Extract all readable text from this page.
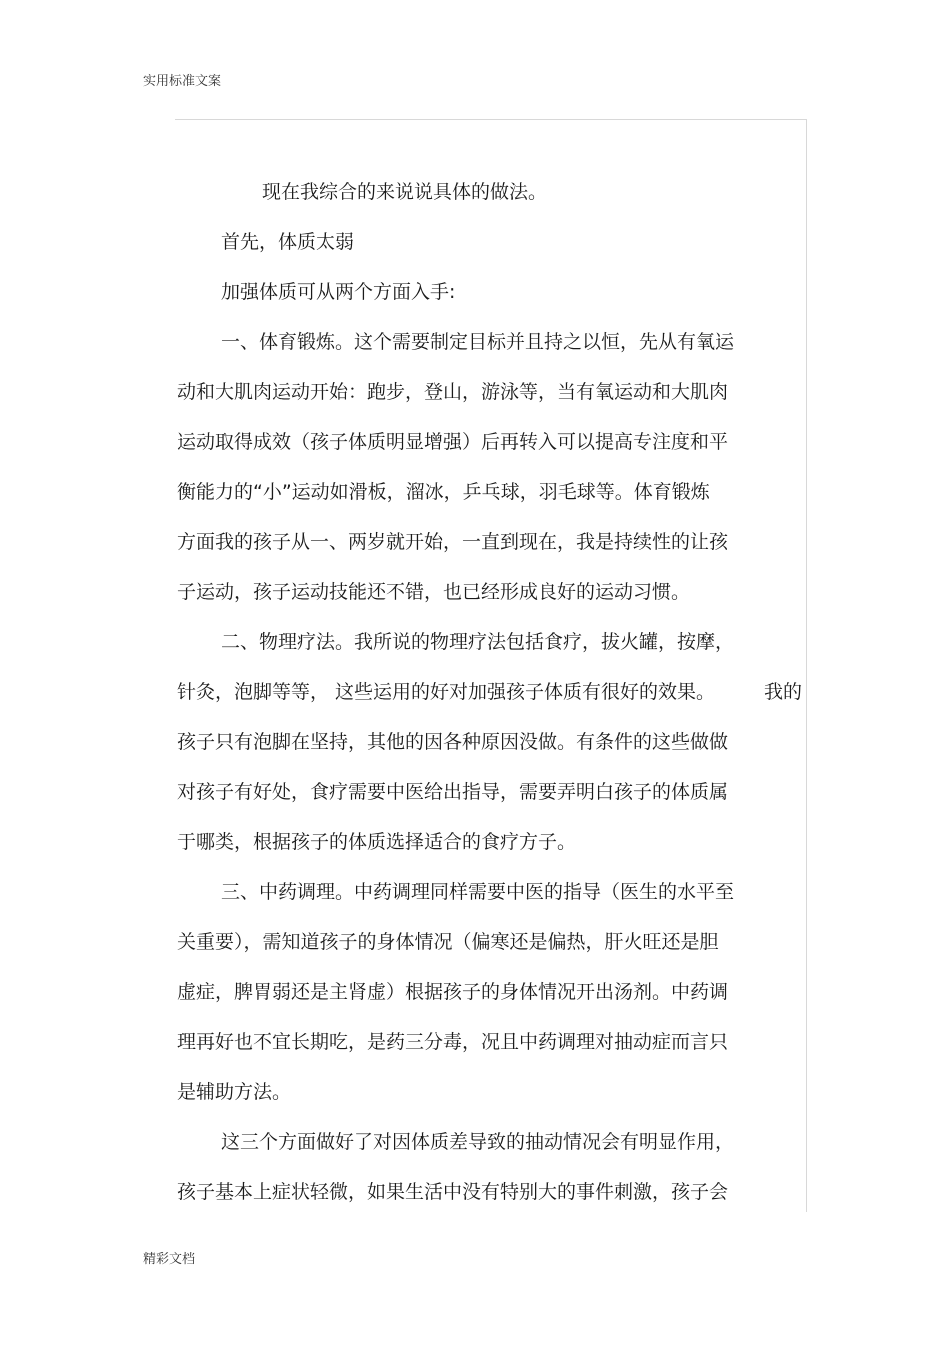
实用标准文案
现在我综合的来说说具体的做法。
首先，体质太弱
加强体质可从两个方面入手:
一、体育锻炼。这个需要制定目标并且持之以恒，先从有氧运
动和大肌肉运动开始：跑步，登山，游泳等，当有氧运动和大肌肉
运动取得成效（孩子体质明显增强）后再转入可以提高专注度和平
衡能力的“小”运动如滑板，溜冰，乒乓球，羽毛球等。体育锻炼
方面我的孩子从一、两岁就开始，一直到现在，我是持续性的让孩
子运动，孩子运动技能还不错，也已经形成良好的运动习惯。
二、物理疗法。我所说的物理疗法包括食疗，拔火罐，按摩，
针灸，泡脚等等， 这些运用的好对加强孩子体质有很好的效果。	我的
孩子只有泡脚在坚持，其他的因各种原因没做。有条件的这些做做
对孩子有好处，食疗需要中医给出指导，需要弄明白孩子的体质属
于哪类，根据孩子的体质选择适合的食疗方子。
三、中药调理。中药调理同样需要中医的指导（医生的水平至
关重要），需知道孩子的身体情况（偏寒还是偏热，肝火旺还是胆
虚症，脾胃弱还是主肾虚）根据孩子的身体情况开出汤剂。中药调
理再好也不宜长期吃，是药三分毒，况且中药调理对抽动症而言只
是辅助方法。
这三个方面做好了对因体质差导致的抽动情况会有明显作用，
孩子基本上症状轻微，如果生活中没有特别大的事件刺激，孩子会
精彩文档
